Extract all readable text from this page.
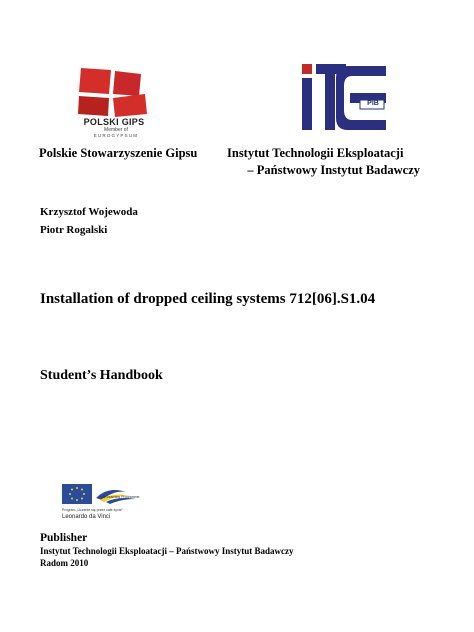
POLSKI GIPS
Member of
EUROGYPSUM
PIB
Polskie Stowarzyszenie Gipsu Instytut Technologii Eksploatacji
– Państwowy Instytut Badawczy
Krzysztof Wojewoda
Piotr Rogalski
Installation of dropped ceiling systems 712[06].S1.04
Student’s Handbook
Life Learning Programme
Program „Uczenie się przez całe życie”
Leonardo da Vinci
Publisher
Instytut Technologii Eksploatacji – Państwowy Instytut Badawczy
Radom 2010
